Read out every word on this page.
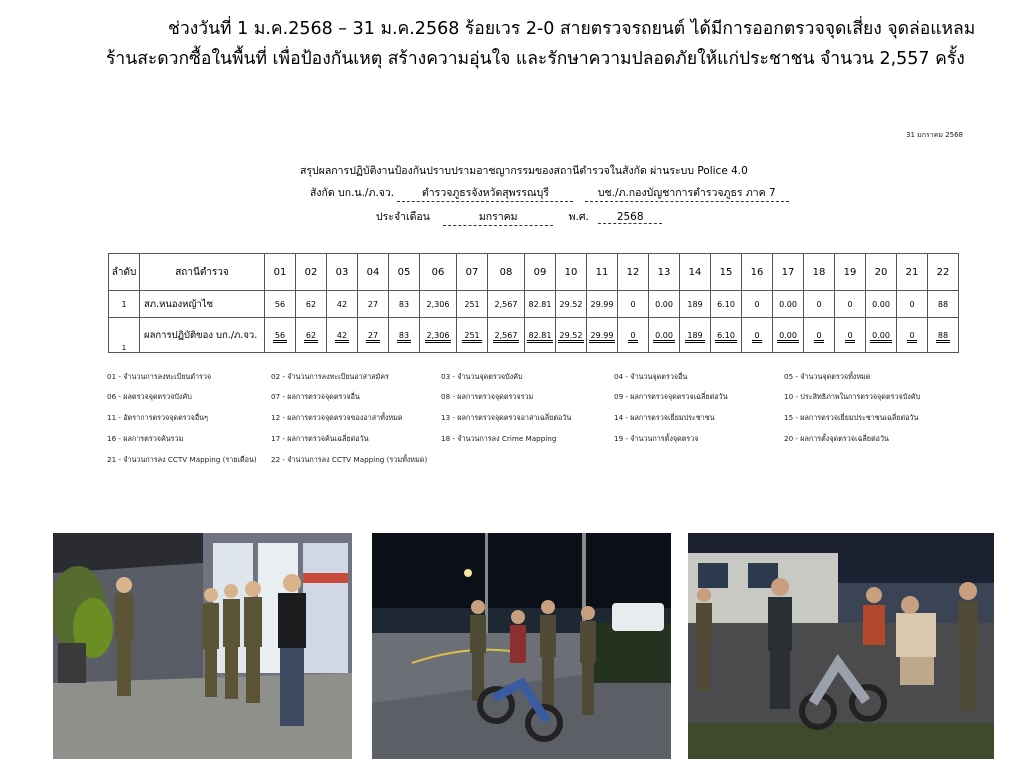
ช่วงวันที่ 1 ม.ค.2568 – 31 ม.ค.2568 ร้อยเวร 2-0 สายตรวจรถยนต์ ได้มีการออกตรวจจุดเสี่ยง จุดล่อแหลม
ร้านสะดวกซื้อในพื้นที่ เพื่อป้องกันเหตุ สร้างความอุ่นใจ และรักษาความปลอดภัยให้แก่ประชาชน จำนวน 2,557 ครั้ง
31 มกราคม 2568
สรุปผลการปฏิบัติงานป้องกันปราบปรามอาชญากรรมของสถานีตำรวจในสังกัด ผ่านระบบ Police 4.0
สังกัด บก.น./ภ.จว.	ตำรวจภูธรจังหวัดสุพรรณบุรี	บช./ภ.กองบัญชาการตำรวจภูธร ภาค 7
ประจำเดือน	มกราคม	พ.ศ.	2568
ลำดับ	สถานีตำรวจ	01	02	03	04	05	06	07	08	09	10	11	12	13	14	15	16	17	18	19	20	21	22
1	สภ.หนองหญ้าไซ	56	62	42	27	83	2,306	251	2,567	82.81	29.52	29.99	0	0.00	189	6.10	0	0.00	0	0	0.00	0	88
1	ผลการปฏิบัติของ บก./ภ.จว.	56	62	42	27	83	2,306	251	2,567	82.81	29.52	29.99	0	0.00	189	6.10	0	0.00	0	0	0.00	0	88
01 - จำนวนการลงทะเบียนตำรวจ	02 - จำนวนการลงทะเบียนอาสาสมัคร	03 - จำนวนจุดตรวจบังคับ	04 - จำนวนจุดตรวจอื่น	05 - จำนวนจุดตรวจทั้งหมด
06 - ผลตรวจจุดตรวจบังคับ	07 - ผลการตรวจจุดตรวจอื่น	08 - ผลการตรวจจุดตรวจรวม	09 - ผลการตรวจจุดตรวจเฉลี่ยต่อวัน	10 - ประสิทธิภาพในการตรวจจุดตรวจบังคับ
11 - อัตราการตรวจจุดตรวจอื่นๆ	12 - ผลการตรวจจุดตรวจของอาสาทั้งหมด	13 - ผลการตรวจจุดตรวจอาสาเฉลี่ยต่อวัน	14 - ผลการตรวจเยี่ยมประชาชน	15 - ผลการตรวจเยี่ยมประชาชนเฉลี่ยต่อวัน
16 - ผลการตรวจค้นรวม	17 - ผลการตรวจค้นเฉลี่ยต่อวัน	18 - จำนวนการลง Crime Mapping	19 - จำนวนการตั้งจุดตรวจ	20 - ผลการตั้งจุดตรวจเฉลี่ยต่อวัน
21 - จำนวนการลง CCTV Mapping (รายเดือน) 22 - จำนวนการลง CCTV Mapping (รวมทั้งหมด)
